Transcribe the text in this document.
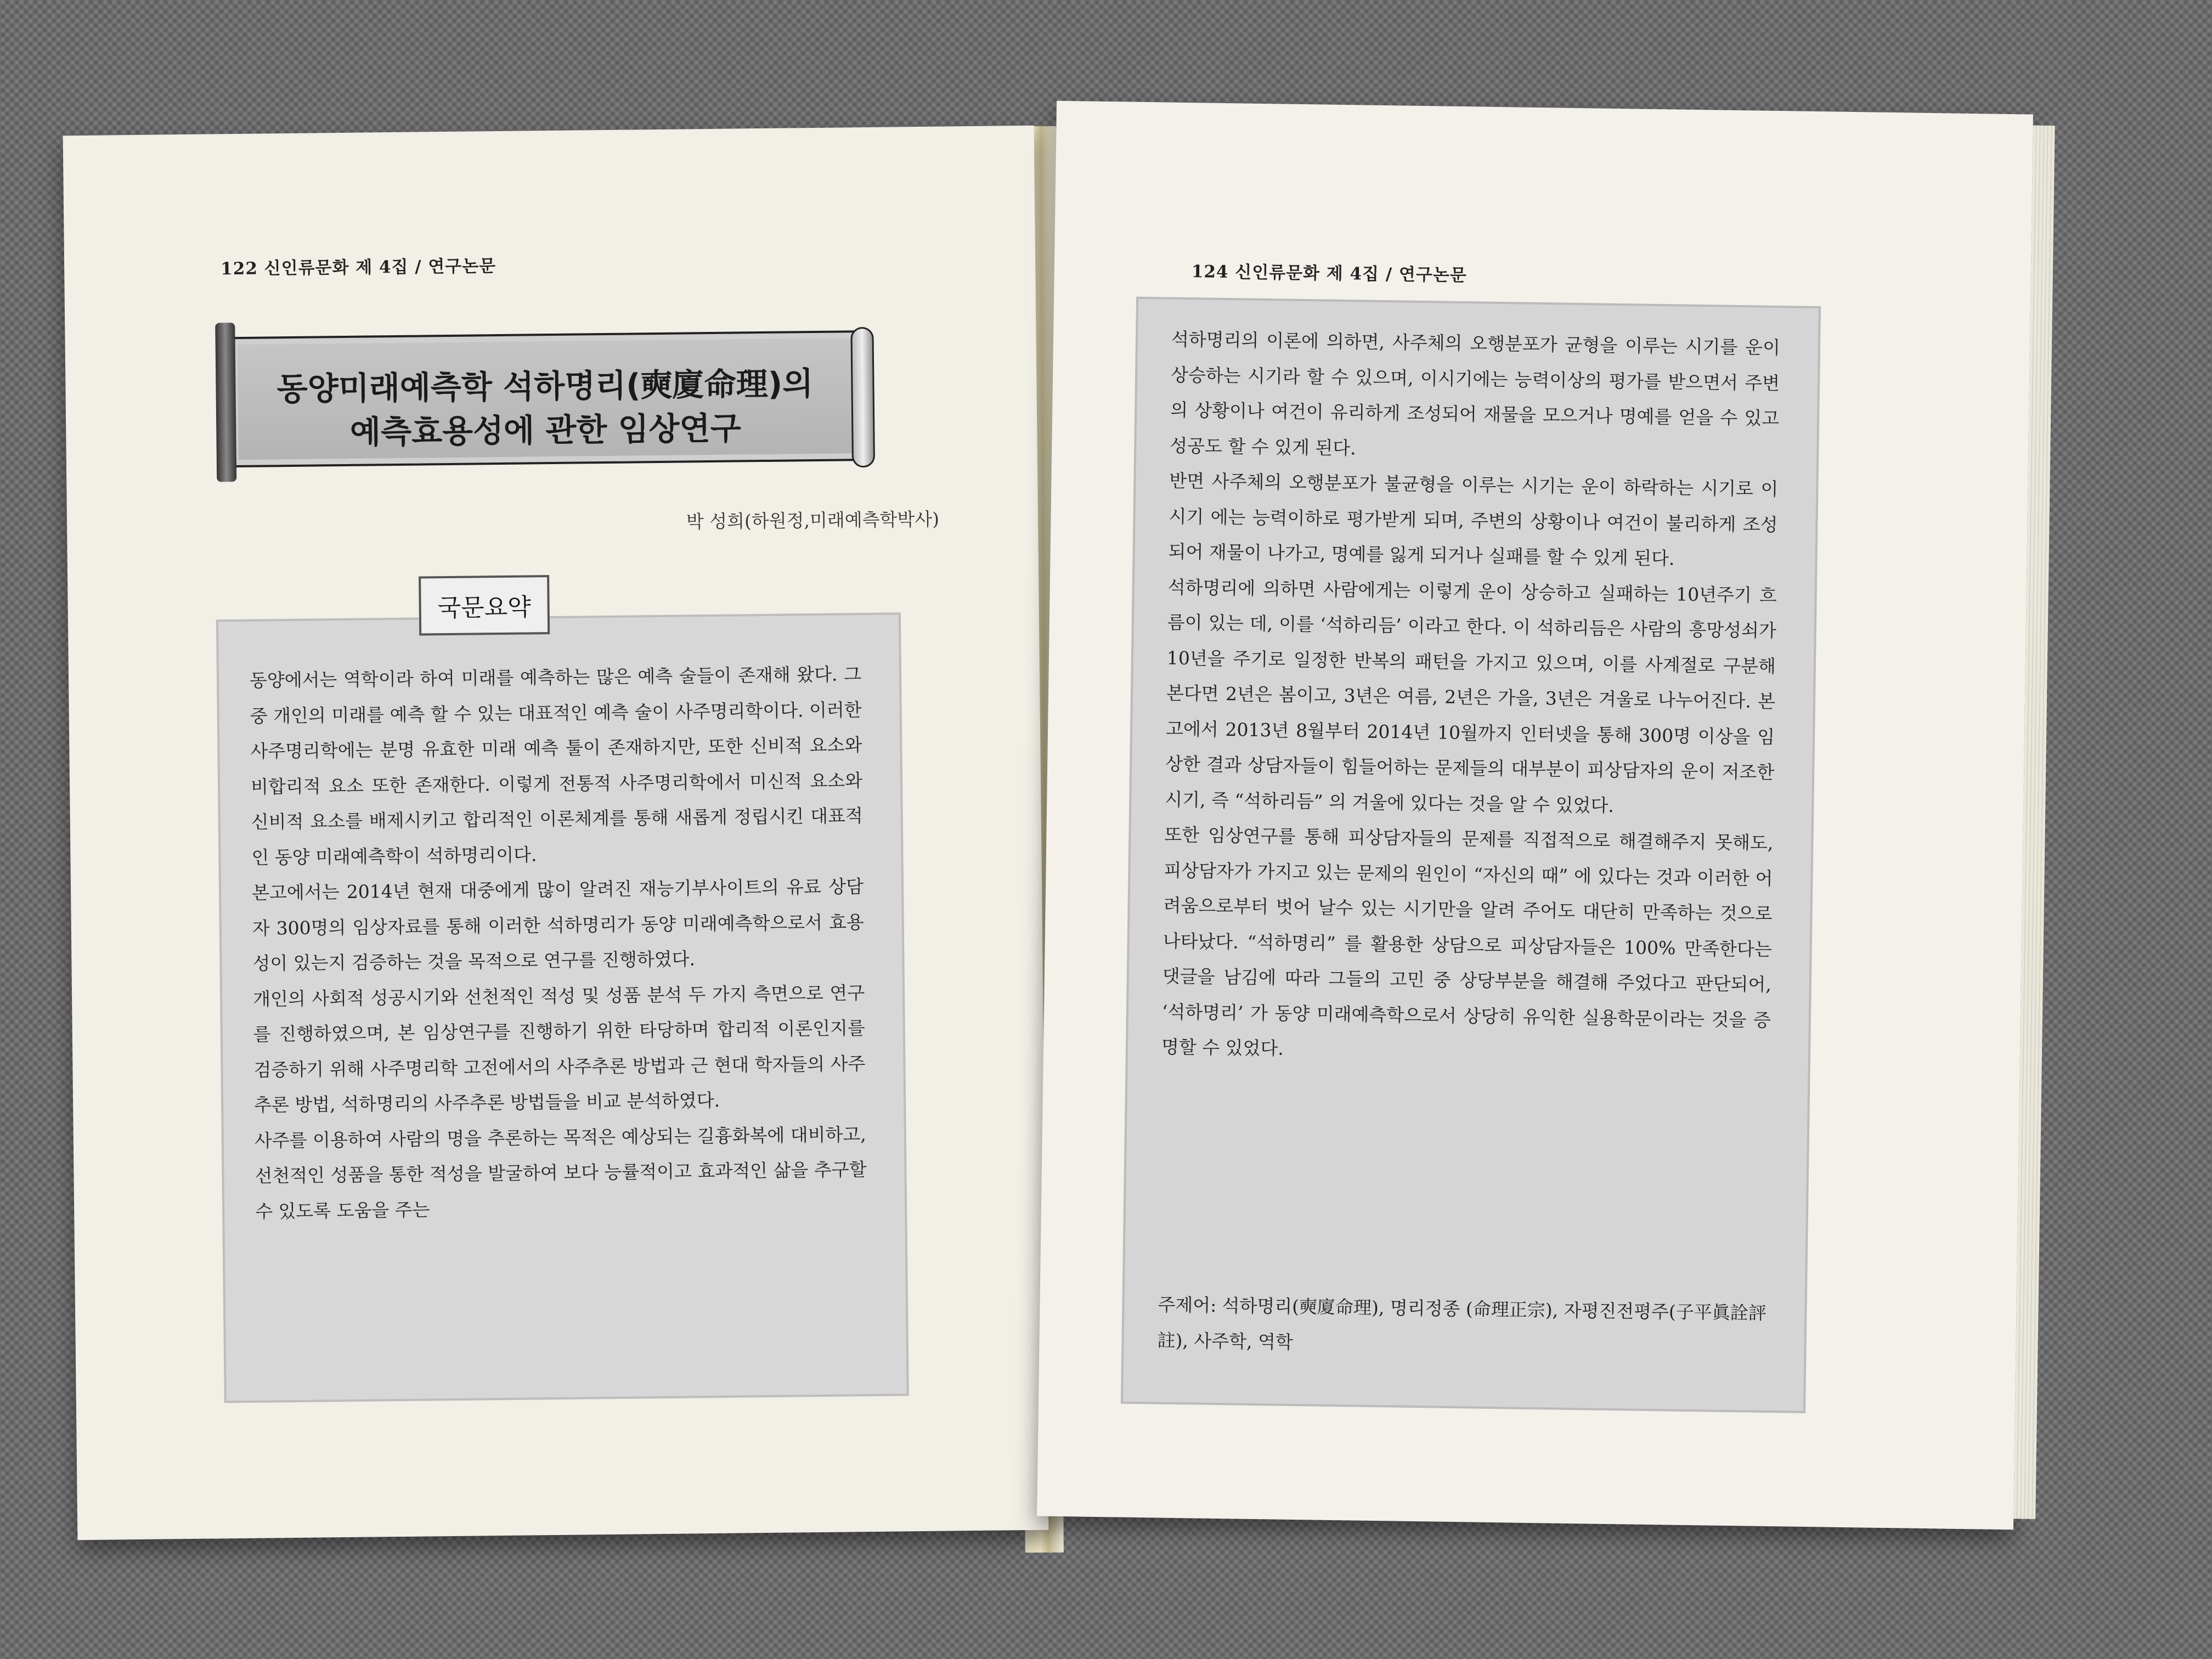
122 신인류문화 제 4집 / 연구논문
동양미래예측학 석하명리(奭廈命理)의
예측효용성에 관한 임상연구
박 성희(하원정,미래예측학박사)
국문요약

동양에서는 역학이라 하여 미래를 예측하는 많은 예측 술들이 존재해 왔다. 그중 개인의 미래를 예측 할 수 있는 대표적인 예측 술이 사주명리학이다. 이러한 사주명리학에는 분명 유효한 미래 예측 툴이 존재하지만, 또한 신비적 요소와 비합리적 요소 또한 존재한다. 이렇게 전통적 사주명리학에서 미신적 요소와 신비적 요소를 배제시키고 합리적인 이론체계를 통해 새롭게 정립시킨 대표적인 동양 미래예측학이 석하명리이다.
본고에서는 2014년 현재 대중에게 많이 알려진 재능기부사이트의 유료 상담자 300명의 임상자료를 통해 이러한 석하명리가 동양 미래예측학으로서 효용성이 있는지 검증하는 것을 목적으로 연구를 진행하였다.
개인의 사회적 성공시기와 선천적인 적성 및 성품 분석 두 가지 측면으로 연구를 진행하였으며, 본 임상연구를 진행하기 위한 타당하며 합리적 이론인지를 검증하기 위해 사주명리학 고전에서의 사주추론 방법과 근 현대 학자들의 사주 추론 방법, 석하명리의 사주추론 방법들을 비교 분석하였다.
사주를 이용하여 사람의 명을 추론하는 목적은 예상되는 길흉화복에 대비하고, 선천적인 성품을 통한 적성을 발굴하여 보다 능률적이고 효과적인 삶을 추구할 수 있도록 도움을 주는

124 신인류문화 제 4집 / 연구논문

석하명리의 이론에 의하면, 사주체의 오행분포가 균형을 이루는 시기를 운이 상승하는 시기라 할 수 있으며, 이시기에는 능력이상의 평가를 받으면서 주변의 상황이나 여건이 유리하게 조성되어 재물을 모으거나 명예를 얻을 수 있고 성공도 할 수 있게 된다.
반면 사주체의 오행분포가 불균형을 이루는 시기는 운이 하락하는 시기로 이시기 에는 능력이하로 평가받게 되며, 주변의 상황이나 여건이 불리하게 조성되어 재물이 나가고, 명예를 잃게 되거나 실패를 할 수 있게 된다.
석하명리에 의하면 사람에게는 이렇게 운이 상승하고 실패하는 10년주기 흐름이 있는 데, 이를 ‘석하리듬’ 이라고 한다. 이 석하리듬은 사람의 흥망성쇠가 10년을 주기로 일정한 반복의 패턴을 가지고 있으며, 이를 사계절로 구분해 본다면 2년은 봄이고, 3년은 여름, 2년은 가을, 3년은 겨울로 나누어진다. 본고에서 2013년 8월부터 2014년 10월까지 인터넷을 통해 300명 이상을 임상한 결과 상담자들이 힘들어하는 문제들의 대부분이 피상담자의 운이 저조한 시기, 즉 “석하리듬” 의 겨울에 있다는 것을 알 수 있었다.
또한 임상연구를 통해 피상담자들의 문제를 직접적으로 해결해주지 못해도, 피상담자가 가지고 있는 문제의 원인이 “자신의 때” 에 있다는 것과 이러한 어려움으로부터 벗어 날수 있는 시기만을 알려 주어도 대단히 만족하는 것으로 나타났다. “석하명리” 를 활용한 상담으로 피상담자들은 100% 만족한다는 댓글을 남김에 따라 그들의 고민 중 상당부분을 해결해 주었다고 판단되어, ‘석하명리’ 가 동양 미래예측학으로서 상당히 유익한 실용학문이라는 것을 증명할 수 있었다.

주제어: 석하명리(奭廈命理), 명리정종 (命理正宗), 자평진전평주(子平眞詮評註), 사주학, 역학
